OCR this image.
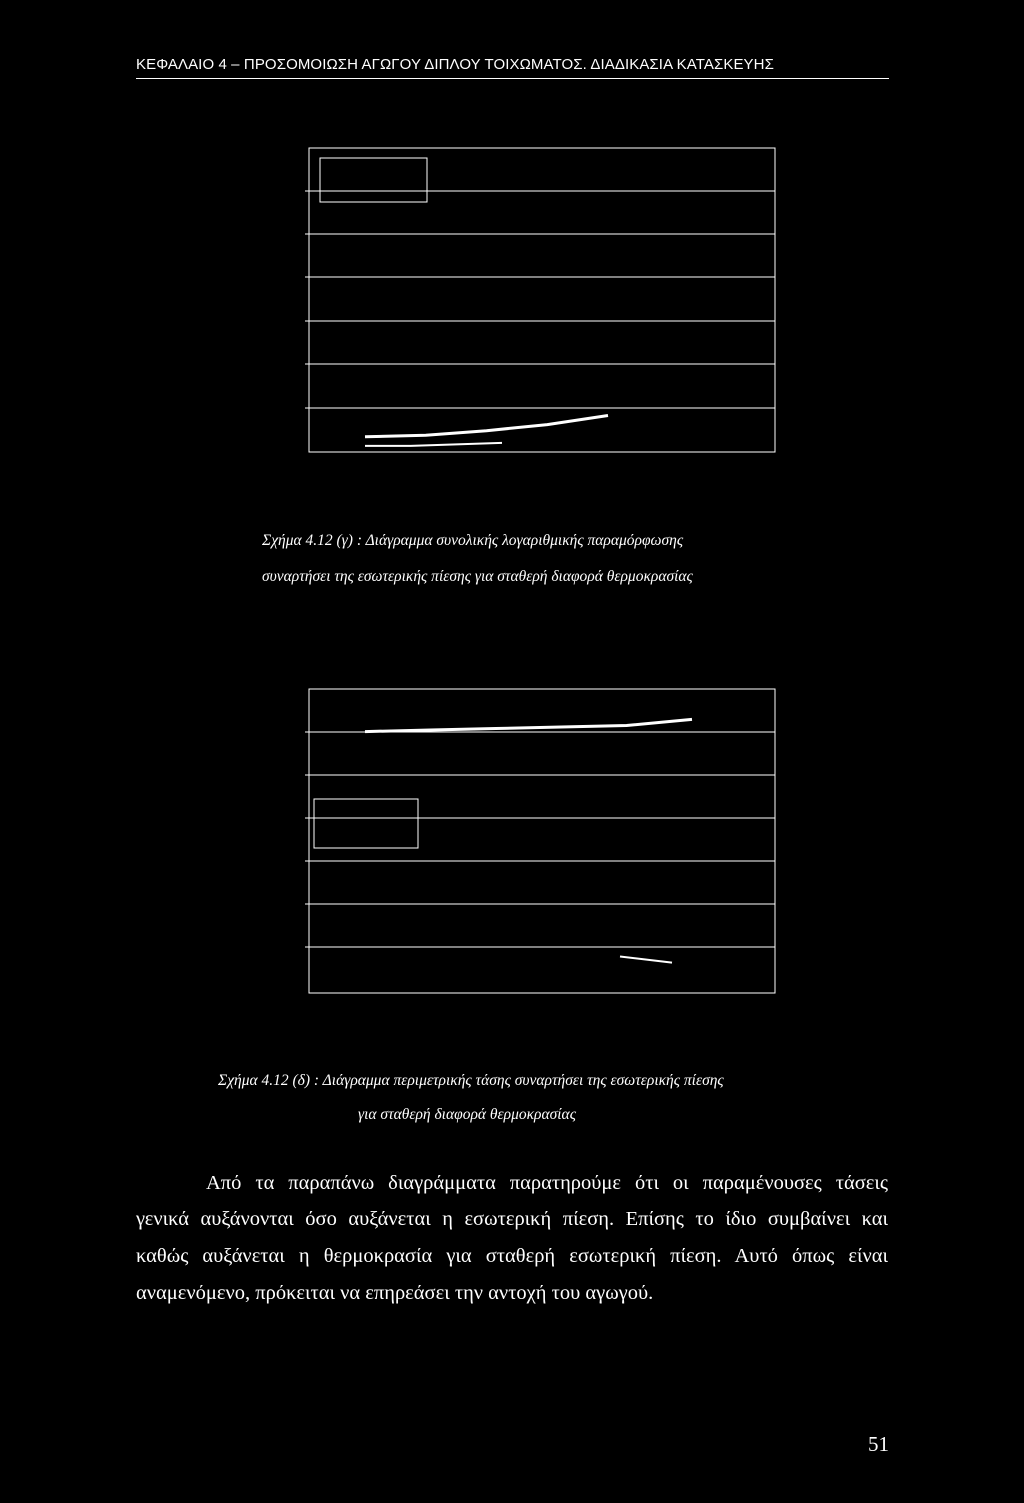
ΚΕΦΑΛΑΙΟ 4 – ΠΡΟΣΟΜΟΙΩΣΗ ΑΓΩΓΟΥ ΔΙΠΛΟΥ ΤΟΙΧΩΜΑΤΟΣ. ΔΙΑΔΙΚΑΣΙΑ ΚΑΤΑΣΚΕΥΗΣ
Σχήμα 4.12 (γ) : Διάγραμμα συνολικής λογαριθμικής παραμόρφωσης
συναρτήσει της εσωτερικής πίεσης για σταθερή διαφορά θερμοκρασίας
Σχήμα 4.12 (δ) : Διάγραμμα περιμετρικής τάσης συναρτήσει της εσωτερικής πίεσης
για σταθερή διαφορά θερμοκρασίας
Από τα παραπάνω διαγράμματα παρατηρούμε ότι οι παραμένουσες τάσεις
γενικά αυξάνονται όσο αυξάνεται η εσωτερική πίεση. Επίσης το ίδιο συμβαίνει και
καθώς αυξάνεται η θερμοκρασία για σταθερή εσωτερική πίεση. Αυτό όπως είναι
αναμενόμενο, πρόκειται να επηρεάσει την αντοχή του αγωγού.
51
